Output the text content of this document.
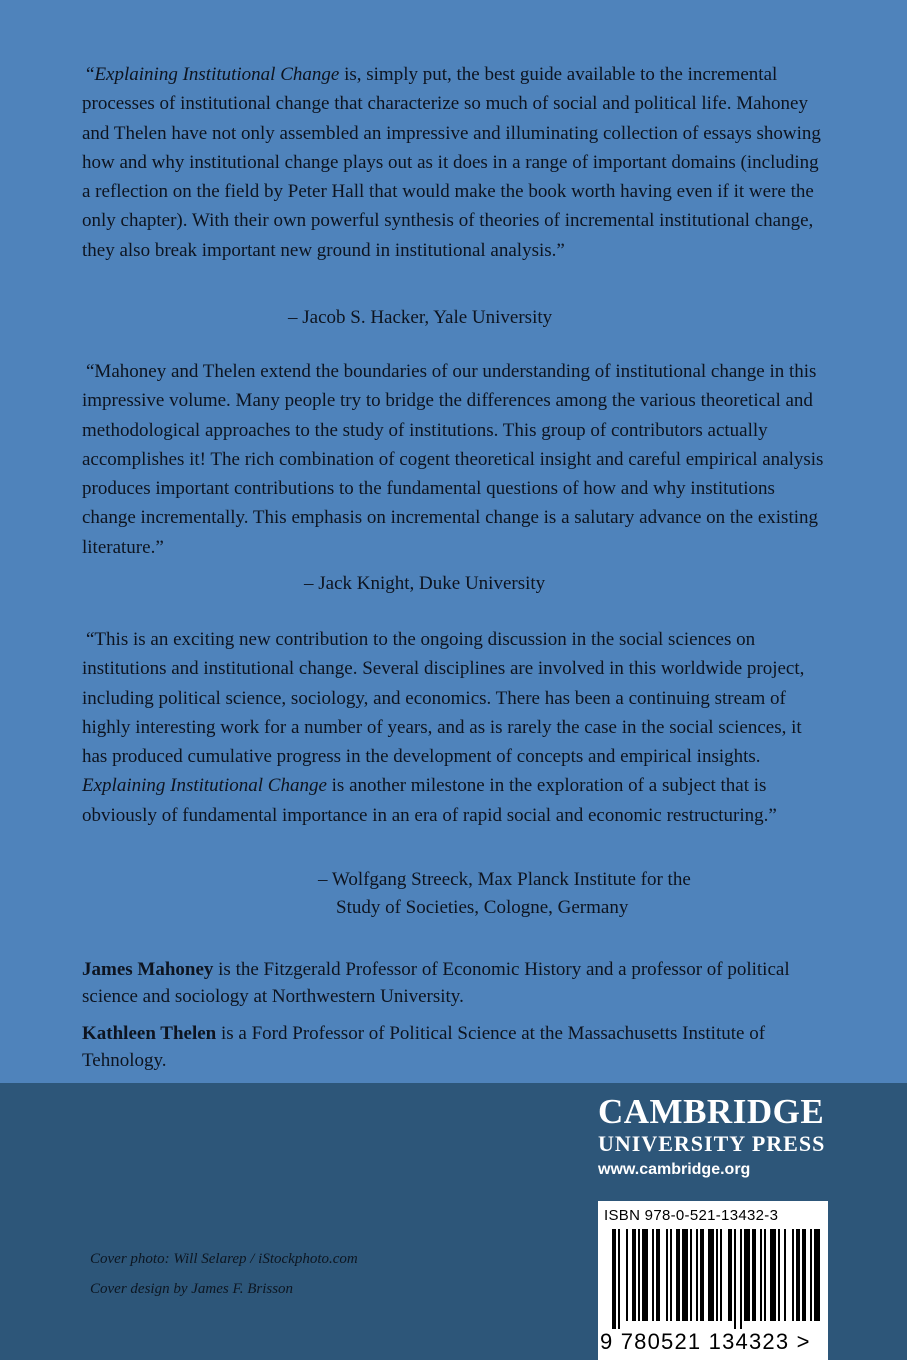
“Explaining Institutional Change is, simply put, the best guide available to the incremental processes of institutional change that characterize so much of social and political life. Mahoney and Thelen have not only assembled an impressive and illuminating collection of essays showing how and why institutional change plays out as it does in a range of important domains (including a reflection on the field by Peter Hall that would make the book worth having even if it were the only chapter). With their own powerful synthesis of theories of incremental institutional change, they also break important new ground in institutional analysis.”

– Jacob S. Hacker, Yale University

“Mahoney and Thelen extend the boundaries of our understanding of institutional change in this impressive volume. Many people try to bridge the differences among the various theoretical and methodological approaches to the study of institutions. This group of contributors actually accomplishes it! The rich combination of cogent theoretical insight and careful empirical analysis produces important contributions to the fundamental questions of how and why institutions change incrementally. This emphasis on incremental change is a salutary advance on the existing literature.”

– Jack Knight, Duke University

“This is an exciting new contribution to the ongoing discussion in the social sciences on institutions and institutional change. Several disciplines are involved in this worldwide project, including political science, sociology, and economics. There has been a continuing stream of highly interesting work for a number of years, and as is rarely the case in the social sciences, it has produced cumulative progress in the development of concepts and empirical insights. Explaining Institutional Change is another milestone in the exploration of a subject that is obviously of fundamental importance in an era of rapid social and economic restructuring.”

– Wolfgang Streeck, Max Planck Institute for the
Study of Societies, Cologne, Germany

James Mahoney is the Fitzgerald Professor of Economic History and a professor of political science and sociology at Northwestern University.

Kathleen Thelen is a Ford Professor of Political Science at the Massachusetts Institute of Tehnology.

Cover photo: Will Selarep / iStockphoto.com
Cover design by James F. Brisson
CAMBRIDGE
UNIVERSITY PRESS
www.cambridge.org
ISBN 978-0-521-13432-3
9 780521 134323 >
